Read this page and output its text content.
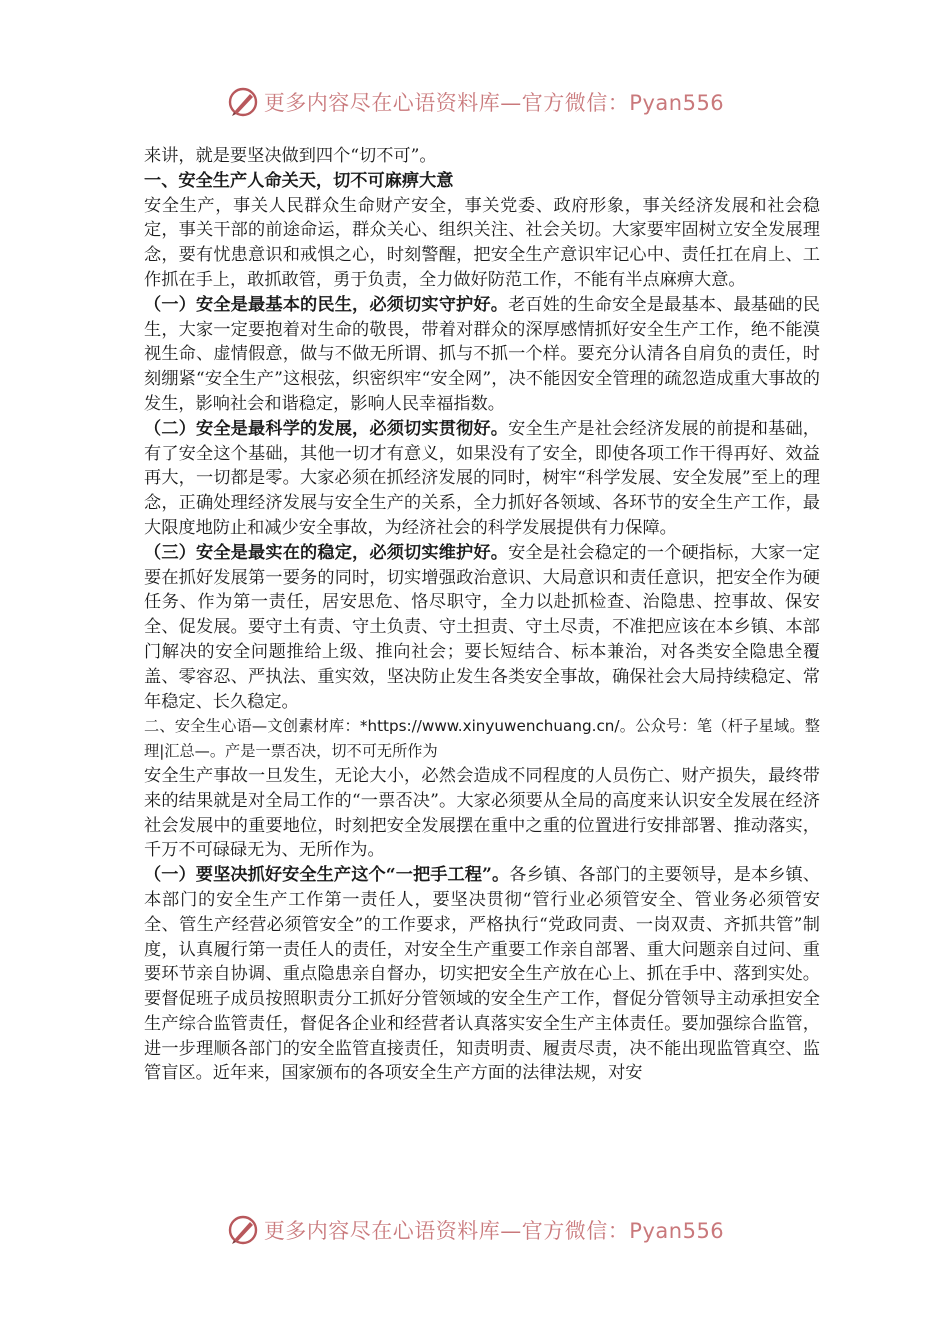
更多内容尽在心语资料库—官方微信：Pyan556

来讲，就是要坚决做到四个“切不可”。

一、安全生产人命关天，切不可麻痹大意

安全生产，事关人民群众生命财产安全，事关党委、政府形象，事关经济发展和社会稳定，事关干部的前途命运，群众关心、组织关注、社会关切。大家要牢固树立安全发展理念，要有忧患意识和戒惧之心，时刻警醒，把安全生产意识牢记心中、责任扛在肩上、工作抓在手上，敢抓敢管，勇于负责，全力做好防范工作，不能有半点麻痹大意。

（一）安全是最基本的民生，必须切实守护好。老百姓的生命安全是最基本、最基础的民生，大家一定要抱着对生命的敬畏，带着对群众的深厚感情抓好安全生产工作，绝不能漠视生命、虚情假意，做与不做无所谓、抓与不抓一个样。要充分认清各自肩负的责任，时刻绷紧“安全生产”这根弦，织密织牢“安全网”，决不能因安全管理的疏忽造成重大事故的发生，影响社会和谐稳定，影响人民幸福指数。

（二）安全是最科学的发展，必须切实贯彻好。安全生产是社会经济发展的前提和基础，有了安全这个基础，其他一切才有意义，如果没有了安全，即使各项工作干得再好、效益再大，一切都是零。大家必须在抓经济发展的同时，树牢“科学发展、安全发展”至上的理念，正确处理经济发展与安全生产的关系，全力抓好各领域、各环节的安全生产工作，最大限度地防止和减少安全事故，为经济社会的科学发展提供有力保障。

（三）安全是最实在的稳定，必须切实维护好。安全是社会稳定的一个硬指标，大家一定要在抓好发展第一要务的同时，切实增强政治意识、大局意识和责任意识，把安全作为硬任务、作为第一责任，居安思危、恪尽职守，全力以赴抓检查、治隐患、控事故、保安全、促发展。要守土有责、守土负责、守土担责、守土尽责，不准把应该在本乡镇、本部门解决的安全问题推给上级、推向社会；要长短结合、标本兼治，对各类安全隐患全覆盖、零容忍、严执法、重实效，坚决防止发生各类安全事故，确保社会大局持续稳定、常年稳定、长久稳定。

二、安全生心语—文创素材库：*https://www.xinyuwenchuang.cn/。公众号：笔（杆子星域。整理|汇总—。产是一票否决，切不可无所作为

安全生产事故一旦发生，无论大小，必然会造成不同程度的人员伤亡、财产损失，最终带来的结果就是对全局工作的“一票否决”。大家必须要从全局的高度来认识安全发展在经济社会发展中的重要地位，时刻把安全发展摆在重中之重的位置进行安排部署、推动落实，千万不可碌碌无为、无所作为。

（一）要坚决抓好安全生产这个“一把手工程”。各乡镇、各部门的主要领导，是本乡镇、本部门的安全生产工作第一责任人，要坚决贯彻“管行业必须管安全、管业务必须管安全、管生产经营必须管安全”的工作要求，严格执行“党政同责、一岗双责、齐抓共管”制度，认真履行第一责任人的责任，对安全生产重要工作亲自部署、重大问题亲自过问、重要环节亲自协调、重点隐患亲自督办，切实把安全生产放在心上、抓在手中、落到实处。要督促班子成员按照职责分工抓好分管领域的安全生产工作，督促分管领导主动承担安全生产综合监管责任，督促各企业和经营者认真落实安全生产主体责任。要加强综合监管，进一步理顺各部门的安全监管直接责任，知责明责、履责尽责，决不能出现监管真空、监管盲区。近年来，国家颁布的各项安全生产方面的法律法规，对安

更多内容尽在心语资料库—官方微信：Pyan556
